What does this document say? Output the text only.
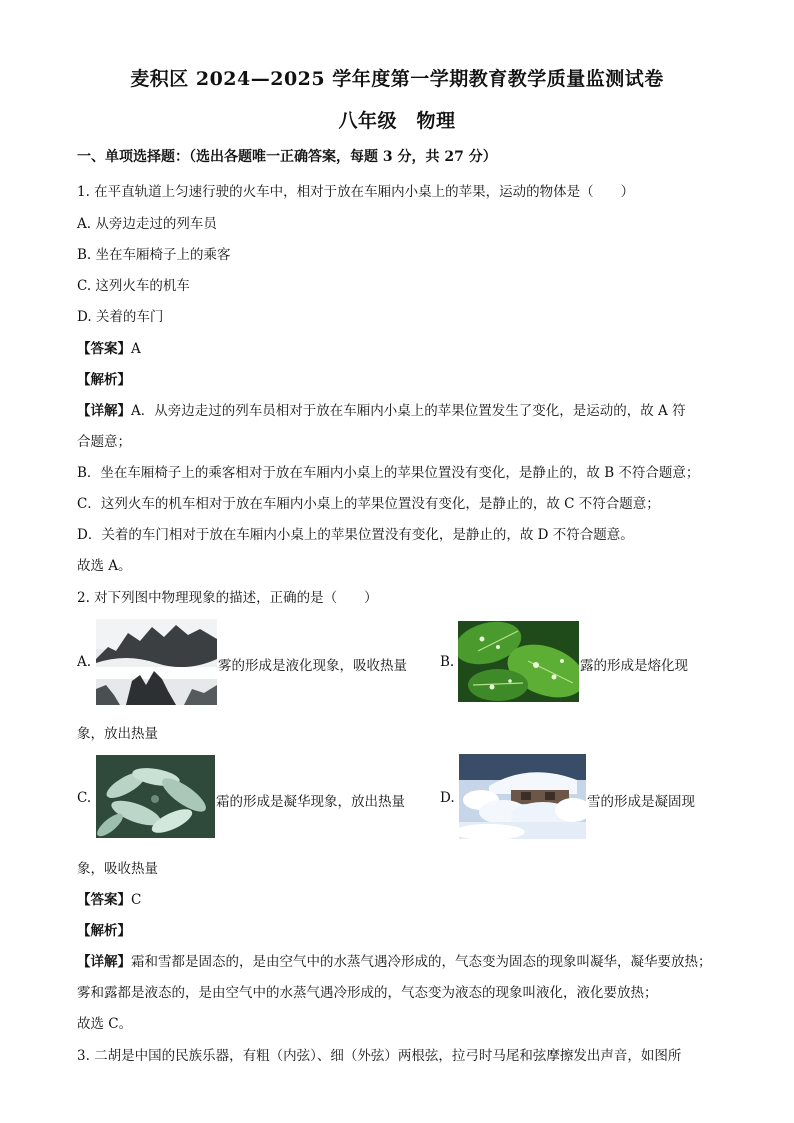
麦积区 2024—2025 学年度第一学期教育教学质量监测试卷
八年级　物理
一、单项选择题：（选出各题唯一正确答案，每题 3 分，共 27 分）
1. 在平直轨道上匀速行驶的火车中，相对于放在车厢内小桌上的苹果，运动的物体是（　　）
A. 从旁边走过的列车员
B. 坐在车厢椅子上的乘客
C. 这列火车的机车
D. 关着的车门
【答案】A
【解析】
【详解】A．从旁边走过的列车员相对于放在车厢内小桌上的苹果位置发生了变化，是运动的，故 A 符
合题意；
B．坐在车厢椅子上的乘客相对于放在车厢内小桌上的苹果位置没有变化，是静止的，故 B 不符合题意；
C．这列火车的机车相对于放在车厢内小桌上的苹果位置没有变化，是静止的，故 C 不符合题意；
D．关着的车门相对于放在车厢内小桌上的苹果位置没有变化，是静止的，故 D 不符合题意。
故选 A。
2. 对下列图中物理现象的描述，正确的是（　　）
A.	雾的形成是液化现象，吸收热量 B.	露的形成是熔化现
象，放出热量
C.	霜的形成是凝华现象，放出热量	D.	雪的形成是凝固现
象，吸收热量
【答案】C
【解析】
【详解】霜和雪都是固态的，是由空气中的水蒸气遇冷形成的，气态变为固态的现象叫凝华，凝华要放热；
雾和露都是液态的，是由空气中的水蒸气遇冷形成的，气态变为液态的现象叫液化，液化要放热；
故选 C。
3. 二胡是中国的民族乐器，有粗（内弦）、细（外弦）两根弦，拉弓时马尾和弦摩擦发出声音，如图所
